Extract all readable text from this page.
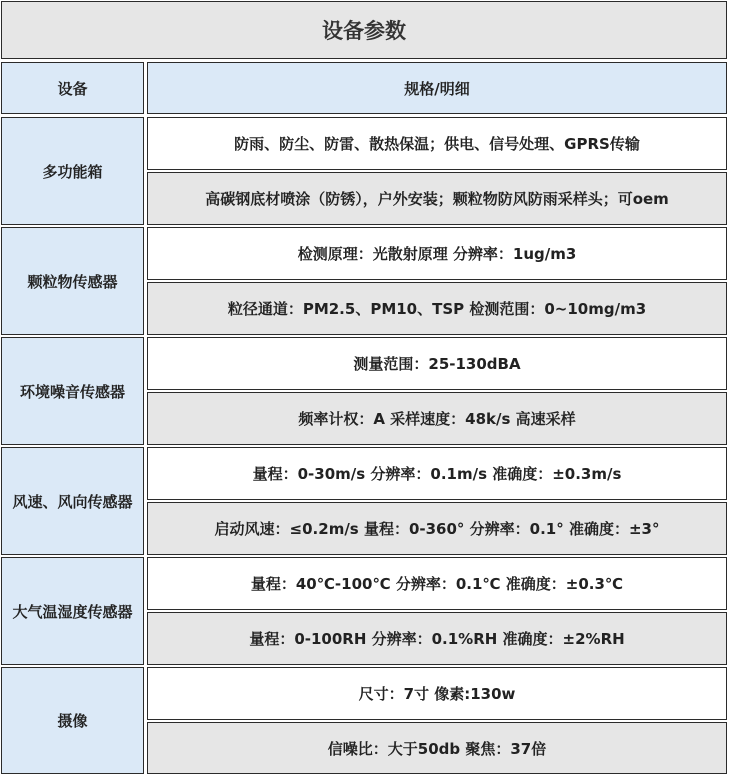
设备参数
设备	规格/明细
多功能箱
防雨、防尘、防雷、散热保温；供电、信号处理、GPRS传输
高碳钢底材喷涂（防锈），户外安装；颗粒物防风防雨采样头；可oem
颗粒物传感器
检测原理：光散射原理 分辨率：1ug/m3
粒径通道：PM2.5、PM10、TSP 检测范围：0~10mg/m3
环境噪音传感器
测量范围：25-130dBA
频率计权：A 采样速度：48k/s 高速采样
风速、风向传感器
量程：0-30m/s 分辨率：0.1m/s 准确度：±0.3m/s
启动风速：≤0.2m/s 量程：0-360° 分辨率：0.1° 准确度：±3°
大气温湿度传感器
量程：40℃-100℃ 分辨率：0.1℃ 准确度：±0.3℃
量程：0-100RH 分辨率：0.1%RH 准确度：±2%RH
摄像
尺寸：7寸 像素:130w
信噪比：大于50db 聚焦：37倍
